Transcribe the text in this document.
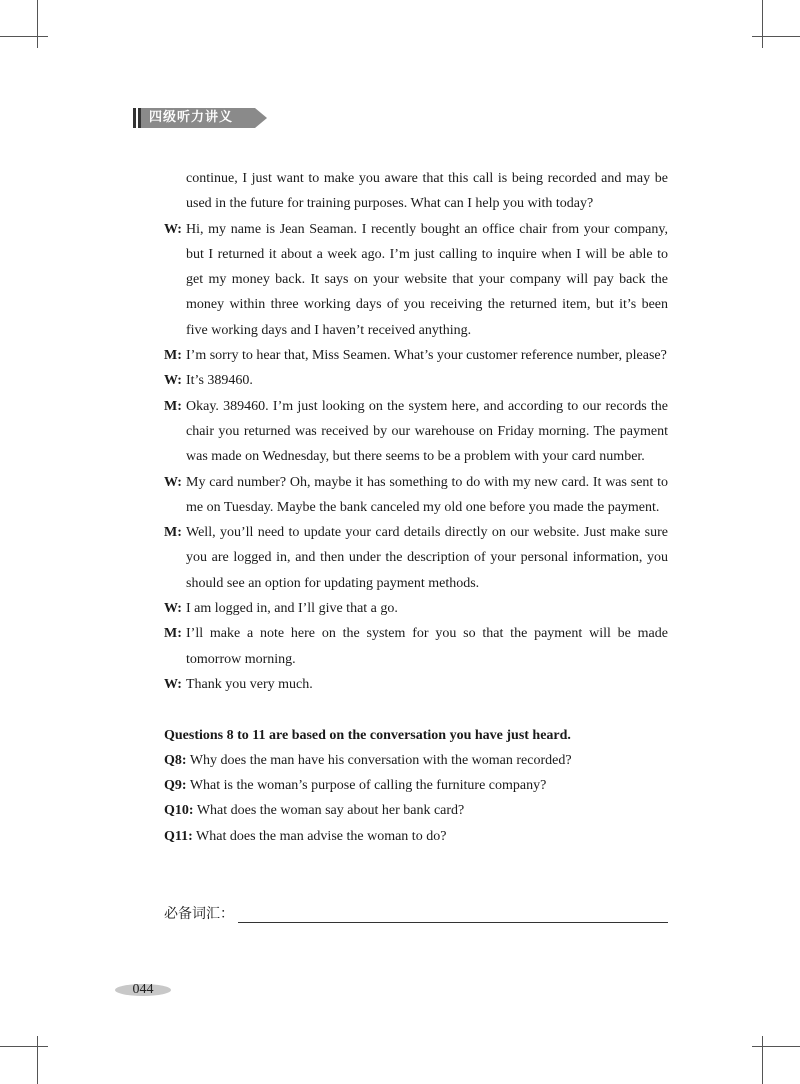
四级听力讲义
continue, I just want to make you aware that this call is being recorded and may be used in the future for training purposes. What can I help you with today?
W: Hi, my name is Jean Seaman. I recently bought an office chair from your company, but I returned it about a week ago. I’m just calling to inquire when I will be able to get my money back. It says on your website that your company will pay back the money within three working days of you receiving the returned item, but it’s been five working days and I haven’t received anything.
M: I’m sorry to hear that, Miss Seamen. What’s your customer reference number, please?
W: It’s 389460.
M: Okay. 389460. I’m just looking on the system here, and according to our records the chair you returned was received by our warehouse on Friday morning. The payment was made on Wednesday, but there seems to be a problem with your card number.
W: My card number? Oh, maybe it has something to do with my new card. It was sent to me on Tuesday. Maybe the bank canceled my old one before you made the payment.
M: Well, you’ll need to update your card details directly on our website. Just make sure you are logged in, and then under the description of your personal information, you should see an option for updating payment methods.
W: I am logged in, and I’ll give that a go.
M: I’ll make a note here on the system for you so that the payment will be made tomorrow morning.
W: Thank you very much.
Questions 8 to 11 are based on the conversation you have just heard.
Q8: Why does the man have his conversation with the woman recorded?
Q9: What is the woman’s purpose of calling the furniture company?
Q10: What does the woman say about her bank card?
Q11: What does the man advise the woman to do?
必备词汇：
044
